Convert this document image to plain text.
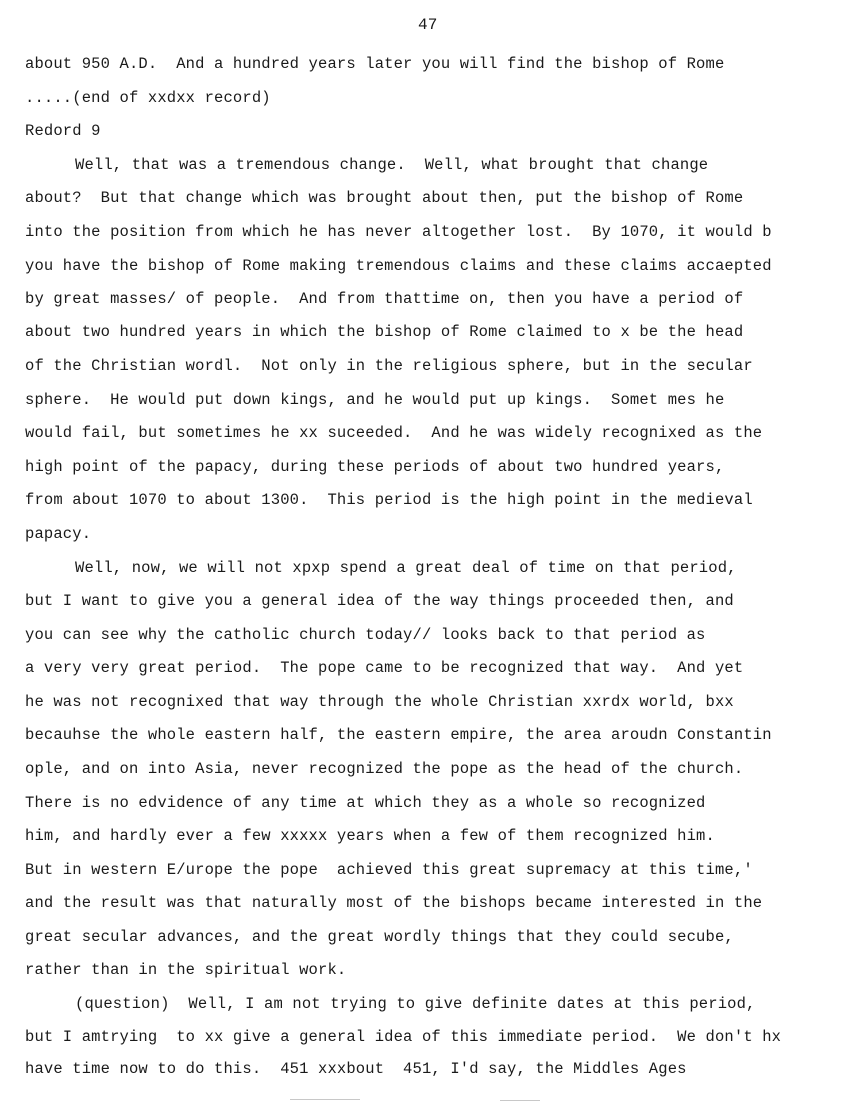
47
about 950 A.D.  And a hundred years later you will find the bishop of Rome
.....(end of xxdxx record)
Redord 9
Well, that was a tremendous change.  Well, what brought that change
about?  But that change which was brought about then, put the bishop of Rome
into the position from which he has never altogether lost.  By 1070, it would b
you have the bishop of Rome making tremendous claims and these claims accaepted
by great masses/ of people.  And from thattime on, then you have a period of
about two hundred years in which the bishop of Rome claimed to x be the head
of the Christian wordl.  Not only in the religious sphere, but in the secular
sphere.  He would put down kings, and he would put up kings.  Somet mes he
would fail, but sometimes he xx suceeded.  And he was widely recognixed as the
high point of the papacy, during these periods of about two hundred years,
from about 1070 to about 1300.  This period is the high point in the medieval
papacy.
Well, now, we will not xpxp spend a great deal of time on that period,
but I want to give you a general idea of the way things proceeded then, and
you can see why the catholic church today// looks back to that period as
a very very great period.  The pope came to be recognized that way.  And yet
he was not recognixed that way through the whole Christian xxrdx world, bxx
becauhse the whole eastern half, the eastern empire, the area aroudn Constantin
ople, and on into Asia, never recognized the pope as the head of the church.
There is no edvidence of any time at which they as a whole so recognized
him, and hardly ever a few xxxxx years when a few of them recognized him.
But in western E/urope the pope  achieved this great supremacy at this time,'
and the result was that naturally most of the bishops became interested in the
great secular advances, and the great wordly things that they could secube,
rather than in the spiritual work.
(question)  Well, I am not trying to give definite dates at this period,
but I amtrying  to xx give a general idea of this immediate period.  We don't hx
have time now to do this.  451 xxxbout  451, I'd say, the Middles Ages
